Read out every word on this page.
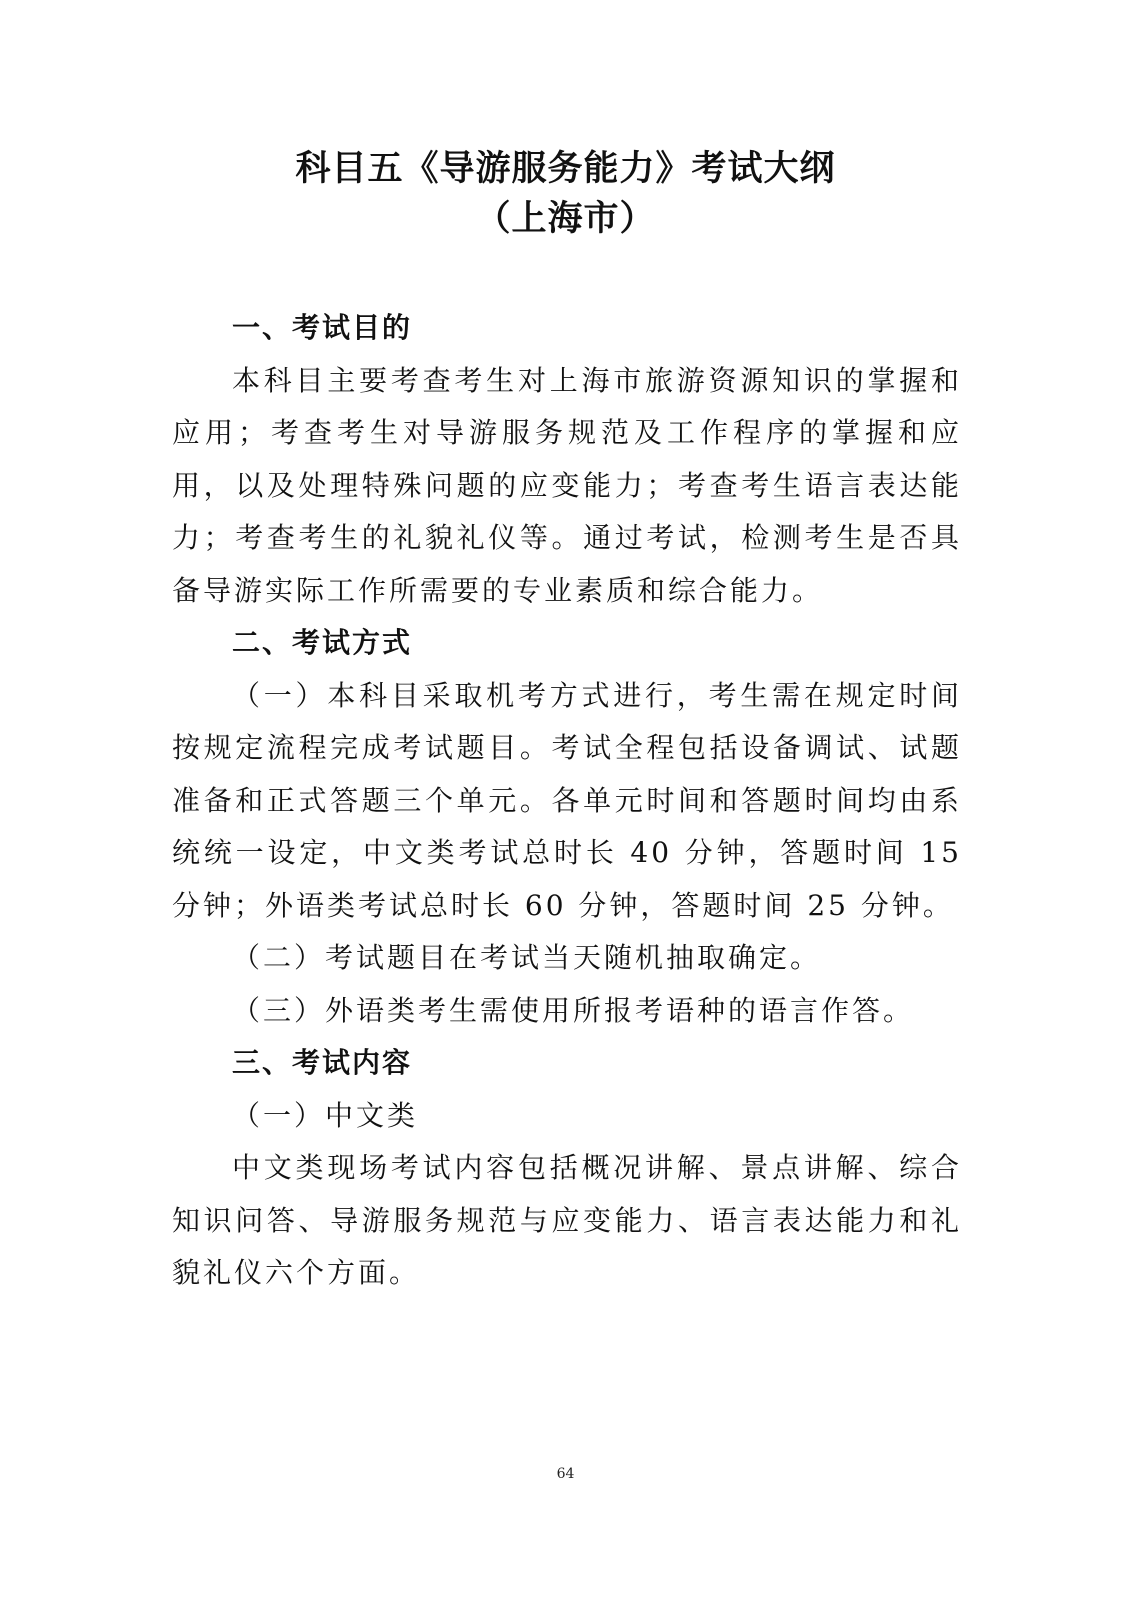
科目五《导游服务能力》考试大纲
（上海市）

一、考试目的

本科目主要考查考生对上海市旅游资源知识的掌握和应用；考查考生对导游服务规范及工作程序的掌握和应用，以及处理特殊问题的应变能力；考查考生语言表达能力；考查考生的礼貌礼仪等。通过考试，检测考生是否具备导游实际工作所需要的专业素质和综合能力。

二、考试方式

（一）本科目采取机考方式进行，考生需在规定时间按规定流程完成考试题目。考试全程包括设备调试、试题准备和正式答题三个单元。各单元时间和答题时间均由系统统一设定，中文类考试总时长 40 分钟，答题时间 15 分钟；外语类考试总时长 60 分钟，答题时间 25 分钟。

（二）考试题目在考试当天随机抽取确定。

（三）外语类考生需使用所报考语种的语言作答。

三、考试内容

（一）中文类

中文类现场考试内容包括概况讲解、景点讲解、综合知识问答、导游服务规范与应变能力、语言表达能力和礼貌礼仪六个方面。

64
